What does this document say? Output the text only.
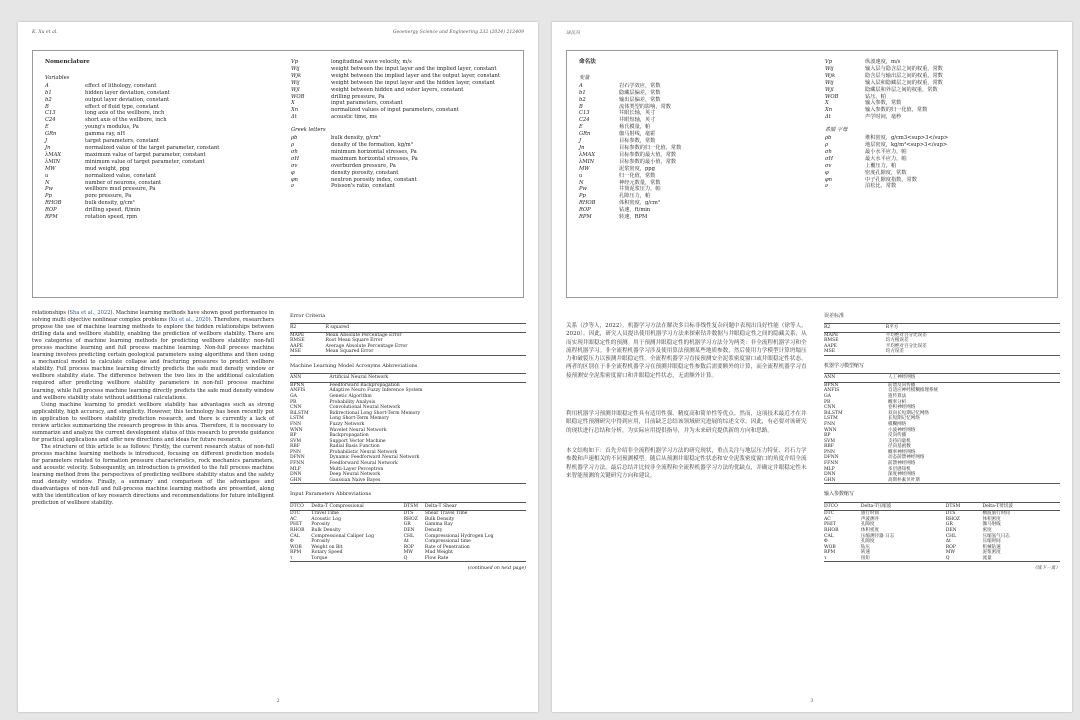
K. Xu et al.	Geoenergy Science and Engineering 232 (2024) 212409
Nomenclature
Variables
A	effect of lithology, constant
b1	hidden layer deviation, constant
b2	output layer deviation, constant
B	effect of fluid type, constant
C13	long axis of the wellbore, inch
C24	short axis of the wellbore, inch
E	young's modulus, Pa
GRn	gamma ray, nH
J	target parameters, constant
Jn	normalized value of the target parameter, constant
λMAX	maximum value of target parameter, constant
λMIN	minimum value of target parameter, constant
MW	mud weight, ppg
u	normalized value, constant
N	number of neurons, constant
Pw	wellbore mud pressure, Pa
Pp	pore pressure, Pa
RHOB	bulk density, g/cm³
ROP	drilling speed, ft/min
RPM	rotation speed, rpm
Vp	longitudinal wave velocity, m/s
Wij	weight between the input layer and the implied layer, constant
Wjk	weight between the implied layer and the output layer, constant
Wij	weight between the input layer and the hidden layer, constant
Wjl	weight between hidden and outer layers, constant
WOB	drilling pressure, Pa
X	input parameters, constant
Xn	normalized values of input parameters, constant
Δt	acoustic time, ms
Greek letters
ρb	bulk density, g/cm³
ρ	density of the formation, kg/m³
σh	minimum horizontal stresses, Pa
σH	maximum horizontal stresses, Pa
σv	overburden pressure, Pa
φ	density porosity, constant
φn	neutron porosity index, constant
ν	Poisson's ratio, constant

relationships (Sha et al., 2022). Machine learning methods have shown good performance in solving multi objective nonlinear complex problems (Xu et al., 2020). Therefore, researchers propose the use of machine learning methods to explore the hidden relationships between drilling data and wellbore stability, enabling the prediction of wellbore stability. There are two categories of machine learning methods for predicting wellbore stability: non-full process machine learning and full process machine learning. Non-full process machine learning involves predicting certain geological parameters using algorithms and then using a mechanical model to calculate collapse and fracturing pressures to predict wellbore stability. Full process machine learning directly predicts the safe mud density window or wellbore stability state. The difference between the two lies in the additional calculation required after predicting wellbore stability parameters in non-full process machine learning, while full process machine learning directly predicts the safe mud density window and wellbore stability state without additional calculations.

Using machine learning to predict wellbore stability has advantages such as strong applicability, high accuracy, and simplicity. However, this technology has been recently put in application to wellbore stability prediction research, and there is currently a lack of review articles summarizing the research progress in this area. Therefore, it is necessary to summarize and analyze the current development status of this research to provide guidance for practical applications and offer new directions and ideas for future research.

The structure of this article is as follows: Firstly, the current research status of non-full process machine learning methods is introduced, focusing on different prediction models for parameters related to formation pressure characteristics, rock mechanics parameters, and acoustic velocity. Subsequently, an introduction is provided to the full process machine learning method from the perspectives of predicting wellbore stability status and the safety mud density window. Finally, a summary and comparison of the advantages and disadvantages of non-full and full-process machine learning methods are presented, along with the identification of key research directions and recommendations for future intelligent prediction of wellbore stability.

Error Criteria
R2	R squared
MAPE	Mean Absolute Percentage Error
RMSE	Root Mean Square Error
AAPE	Average Absolute Percentage Error
MSE	Mean Squared Error
Machine Learning Model Acronyms Abbreviations
ANN	Artificial Neural Network
BPNN	Feedforward Backpropagation
ANFIS	Adaptive Neuro Fuzzy Inference System
GA	Genetic Algorithm
PR	Probability Analysis
CNN	Convolutional Neural Network
BiLSTM	Bidirectional Long Short-Term Memory
LSTM	Long Short-Term Memory
FNN	Fuzzy Network
WNN	Wavelet Neural Network
BP	Backpropagation
SVM	Support Vector Machine
RBF	Radial Basis Function
PNN	Probabilistic Neural Network
DFNN	Dynamic Feedforward Neural Network
FFNN	Feedforward Neural Network
MLP	Multi-Layer Perceptron
DNN	Deep Neural Network
GHN	Gaussian Naive Bayes
Input Parameters Abbreviations
DTCO	Delta-T Compressional	DTSM	Delta-T Shear
DTC	Travel Time	DTS	Shear Travel Time
AC	Acoustic Log	RHOZ	Bulk Density
PHIT	Porosity	GR	Gamma Ray
RHOB	Bulk Density	DEN	Density
CAL	Compressional Caliper Log	CHL	Compressional Hydrogen Log
Φ	Porosity	Δt	Compressional time
WOB	Weight on Bit	ROP	Rate of Penetration
RPM	Rotary Speed	MW	Mud Weight
τ	Torque	Q	Flow Rate
(continued on next page)
2
译民冯
命名法
变量
A	岩石学效应，常数
b1	隐藏层偏差，常数
b2	输出层偏差，常数
B	流体类型的影响，常数
C13	井眼长轴，英寸
C24	井眼短轴，英寸
E	杨氏模量，帕
GRn	伽马射线，毫霍
J	目标参数，常数
Jn	目标参数的归一化值，常数
λMAX	目标参数的最大值，常数
λMIN	目标参数的最小值，常数
MW	泥浆密度，ppg
u	归一化值，常数
N	神经元数量，常数
Pw	井筒泥浆压力，帕
Pp	孔隙压力，帕
RHOB	体积密度，g/cm³
ROP	钻速，ft/min
RPM	转速，RPM
Vp	纵波速度，m/s
Wij	输入层与隐含层之间的权重，常数
Wjk	隐含层与输出层之间的权重，常数
Wij	输入层和隐藏层之间的权重，常数
Wjl	隐藏层和外层之间的权重，常数
WOB	钻压，帕
X	输入参数，常数
Xn	输入参数的归一化值，常数
Δt	声学时间，毫秒
希腊 字母
ρb	堆积密度，g/cm3<sup>3</sup>
ρ	地层密度，kg/m³<sup>3</sup>
σh	最小水平应力，帕
σH	最大水平应力，帕
σv	上覆压力，帕
φ	密度孔隙度，常数
φn	中子孔隙度指数，常数
ν	泊松比，常数

关系（沙等人，2022）。机器学习方法在解决多目标非线性复杂问题中表现出良好性能（徐等人，2020）。因此，研究人员提出使用机器学习方法来探索钻井数据与井眼稳定性之间的隐藏关系，从而实现井眼稳定性的预测。用于预测井眼稳定性的机器学习方法分为两类：非全流程机器学习和全流程机器学习。非全流程机器学习涉及使用算法预测某些地质参数，然后使用力学模型计算坍塌压力和破裂压力以预测井眼稳定性。全流程机器学习直接预测安全泥浆密度窗口或井眼稳定性状态。两者的区别在于非全流程机器学习在预测井眼稳定性参数后需要额外的计算，而全流程机器学习直接预测安全泥浆密度窗口和井眼稳定性状态，无需额外计算。

利用机器学习预测井眼稳定性具有适用性强、精度高和简单性等优点。然而，这项技术最近才在井眼稳定性预测研究中得到应用，目前缺乏总结该领域研究进展的综述文章。因此，有必要对该研究的现状进行总结和分析，为实际应用提供指导，并为未来研究提供新的方向和思路。

本文结构如下：首先介绍非全流程机器学习方法的研究现状，重点关注与地层压力特征、岩石力学参数和声速相关的不同预测模型。随后从预测井眼稳定性状态和安全泥浆密度窗口的角度介绍全流程机器学习方法。最后总结并比较非全流程和全流程机器学习方法的优缺点，并确定井眼稳定性未来智能预测的关键研究方向和建议。

误差标准
R2	R平方
MAPE	平均绝对百分比误差
RMSE	均方根误差
AAPE	平均绝对百分比误差
MSE	均方误差
机器学习模型缩写
ANN	人工神经网络
BPNN	前馈反向传播
ANFIS	自适应神经模糊推理系统
GA	遗传算法
PR	概率分析
CNN	卷积神经网络
BiLSTM	双向长短期记忆网络
LSTM	长短期记忆网络
FNN	模糊网络
WNN	小波神经网络
BP	反向传播
SVM	支持向量机
RBF	径向基函数
PNN	概率神经网络
DFNN	动态前馈神经网络
FFNN	前馈神经网络
MLP	多层感知机
DNN	深度神经网络
GHN	高斯朴素贝叶斯
输入参数缩写
DTCO	Delta-T压缩波	DTSM	Delta-T剪切波
DTC	旅行时间	DTS	横波旅行时间
AC	声波测井	RHOZ	体积密度
PHIT	孔隙度	GR	伽马射线
RHOB	体积密度	DEN	密度
CAL	压缩测径器 日志	CHL	压缩氢气日志
Φ	孔隙度	Δt	压缩时间
WOB	钻压	ROP	机械钻速
RPM	转速	MW	泥浆密度
τ	扭矩	Q	流量
（续下一页）
3
